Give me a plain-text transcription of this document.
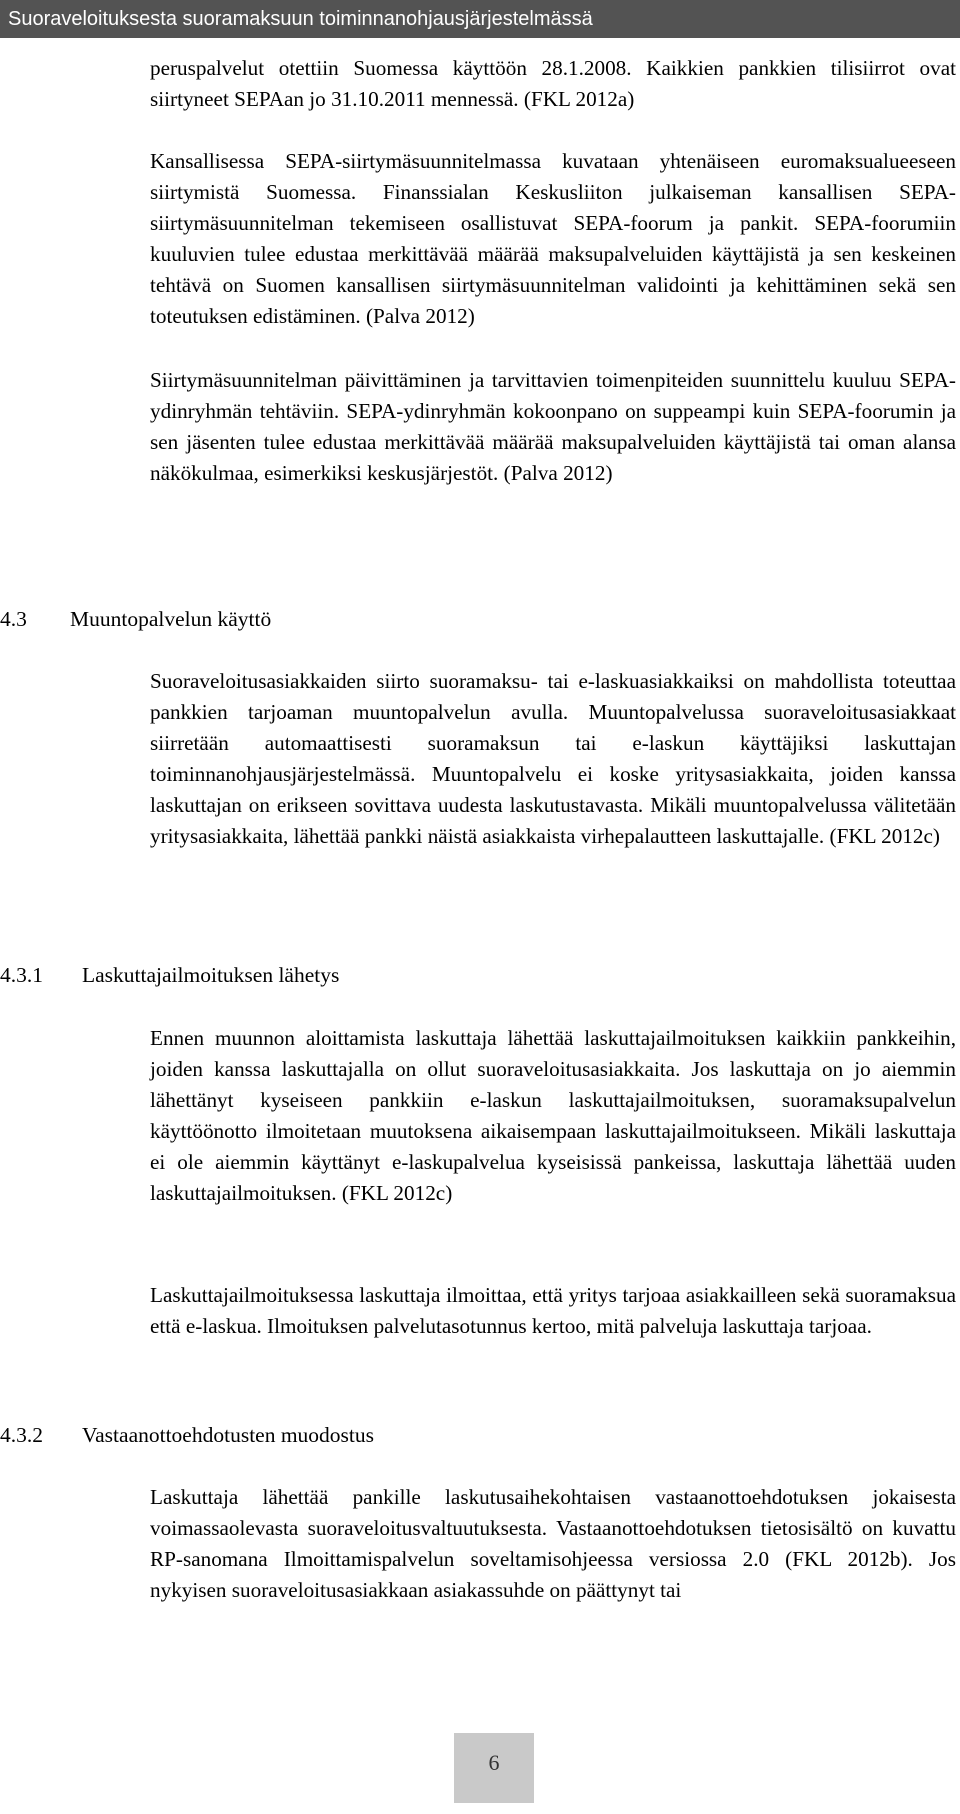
Suoraveloituksesta suoramaksuun toiminnanohjausjärjestelmässä

peruspalvelut otettiin Suomessa käyttöön 28.1.2008. Kaikkien pankkien tilisiirrot ovat siirtyneet SEPAan jo 31.10.2011 mennessä. (FKL 2012a)

Kansallisessa SEPA-siirtymäsuunnitelmassa kuvataan yhtenäiseen euromaksualueeseen siirtymistä Suomessa. Finanssialan Keskusliiton julkaiseman kansallisen SEPA-siirtymäsuunnitelman tekemiseen osallistuvat SEPA-foorum ja pankit. SEPA-foorumiin kuuluvien tulee edustaa merkittävää määrää maksupalveluiden käyttäjistä ja sen keskeinen tehtävä on Suomen kansallisen siirtymäsuunnitelman validointi ja kehittäminen sekä sen toteutuksen edistäminen. (Palva 2012)

Siirtymäsuunnitelman päivittäminen ja tarvittavien toimenpiteiden suunnittelu kuuluu SEPA- ydinryhmän tehtäviin. SEPA-ydinryhmän kokoonpano on suppeampi kuin SEPA-foorumin ja sen jäsenten tulee edustaa merkittävää määrää maksupalveluiden käyttäjistä tai oman alansa näkökulmaa, esimerkiksi keskusjärjestöt. (Palva 2012)

4.3 Muuntopalvelun käyttö

Suoraveloitusasiakkaiden siirto suoramaksu- tai e-laskuasiakkaiksi on mahdollista toteuttaa pankkien tarjoaman muuntopalvelun avulla. Muuntopalvelussa suoraveloitusasiakkaat siirretään automaattisesti suoramaksun tai e-laskun käyttäjiksi laskuttajan toiminnanohjausjärjestelmässä. Muuntopalvelu ei koske yritysasiakkaita, joiden kanssa laskuttajan on erikseen sovittava uudesta laskutustavasta. Mikäli muuntopalvelussa välitetään yritysasiakkaita, lähettää pankki näistä asiakkaista virhepalautteen laskuttajalle. (FKL 2012c)

4.3.1 Laskuttajailmoituksen lähetys

Ennen muunnon aloittamista laskuttaja lähettää laskuttajailmoituksen kaikkiin pankkeihin, joiden kanssa laskuttajalla on ollut suoraveloitusasiakkaita. Jos laskuttaja on jo aiemmin lähettänyt kyseiseen pankkiin e-laskun laskuttajailmoituksen, suoramaksupalvelun käyttöönotto ilmoitetaan muutoksena aikaisempaan laskuttajailmoitukseen. Mikäli laskuttaja ei ole aiemmin käyttänyt e-laskupalvelua kyseisissä pankeissa, laskuttaja lähettää uuden laskuttajailmoituksen. (FKL 2012c)

Laskuttajailmoituksessa laskuttaja ilmoittaa, että yritys tarjoaa asiakkailleen sekä suoramaksua että e-laskua. Ilmoituksen palvelutasotunnus kertoo, mitä palveluja laskuttaja tarjoaa.

4.3.2 Vastaanottoehdotusten muodostus

Laskuttaja lähettää pankille laskutusaihekohtaisen vastaanottoehdotuksen jokaisesta voimassaolevasta suoraveloitusvaltuutuksesta. Vastaanottoehdotuksen tietosisältö on kuvattu RP-sanomana Ilmoittamispalvelun soveltamisohjeessa versiossa 2.0 (FKL 2012b). Jos nykyisen suoraveloitusasiakkaan asiakassuhde on päättynyt tai

6
